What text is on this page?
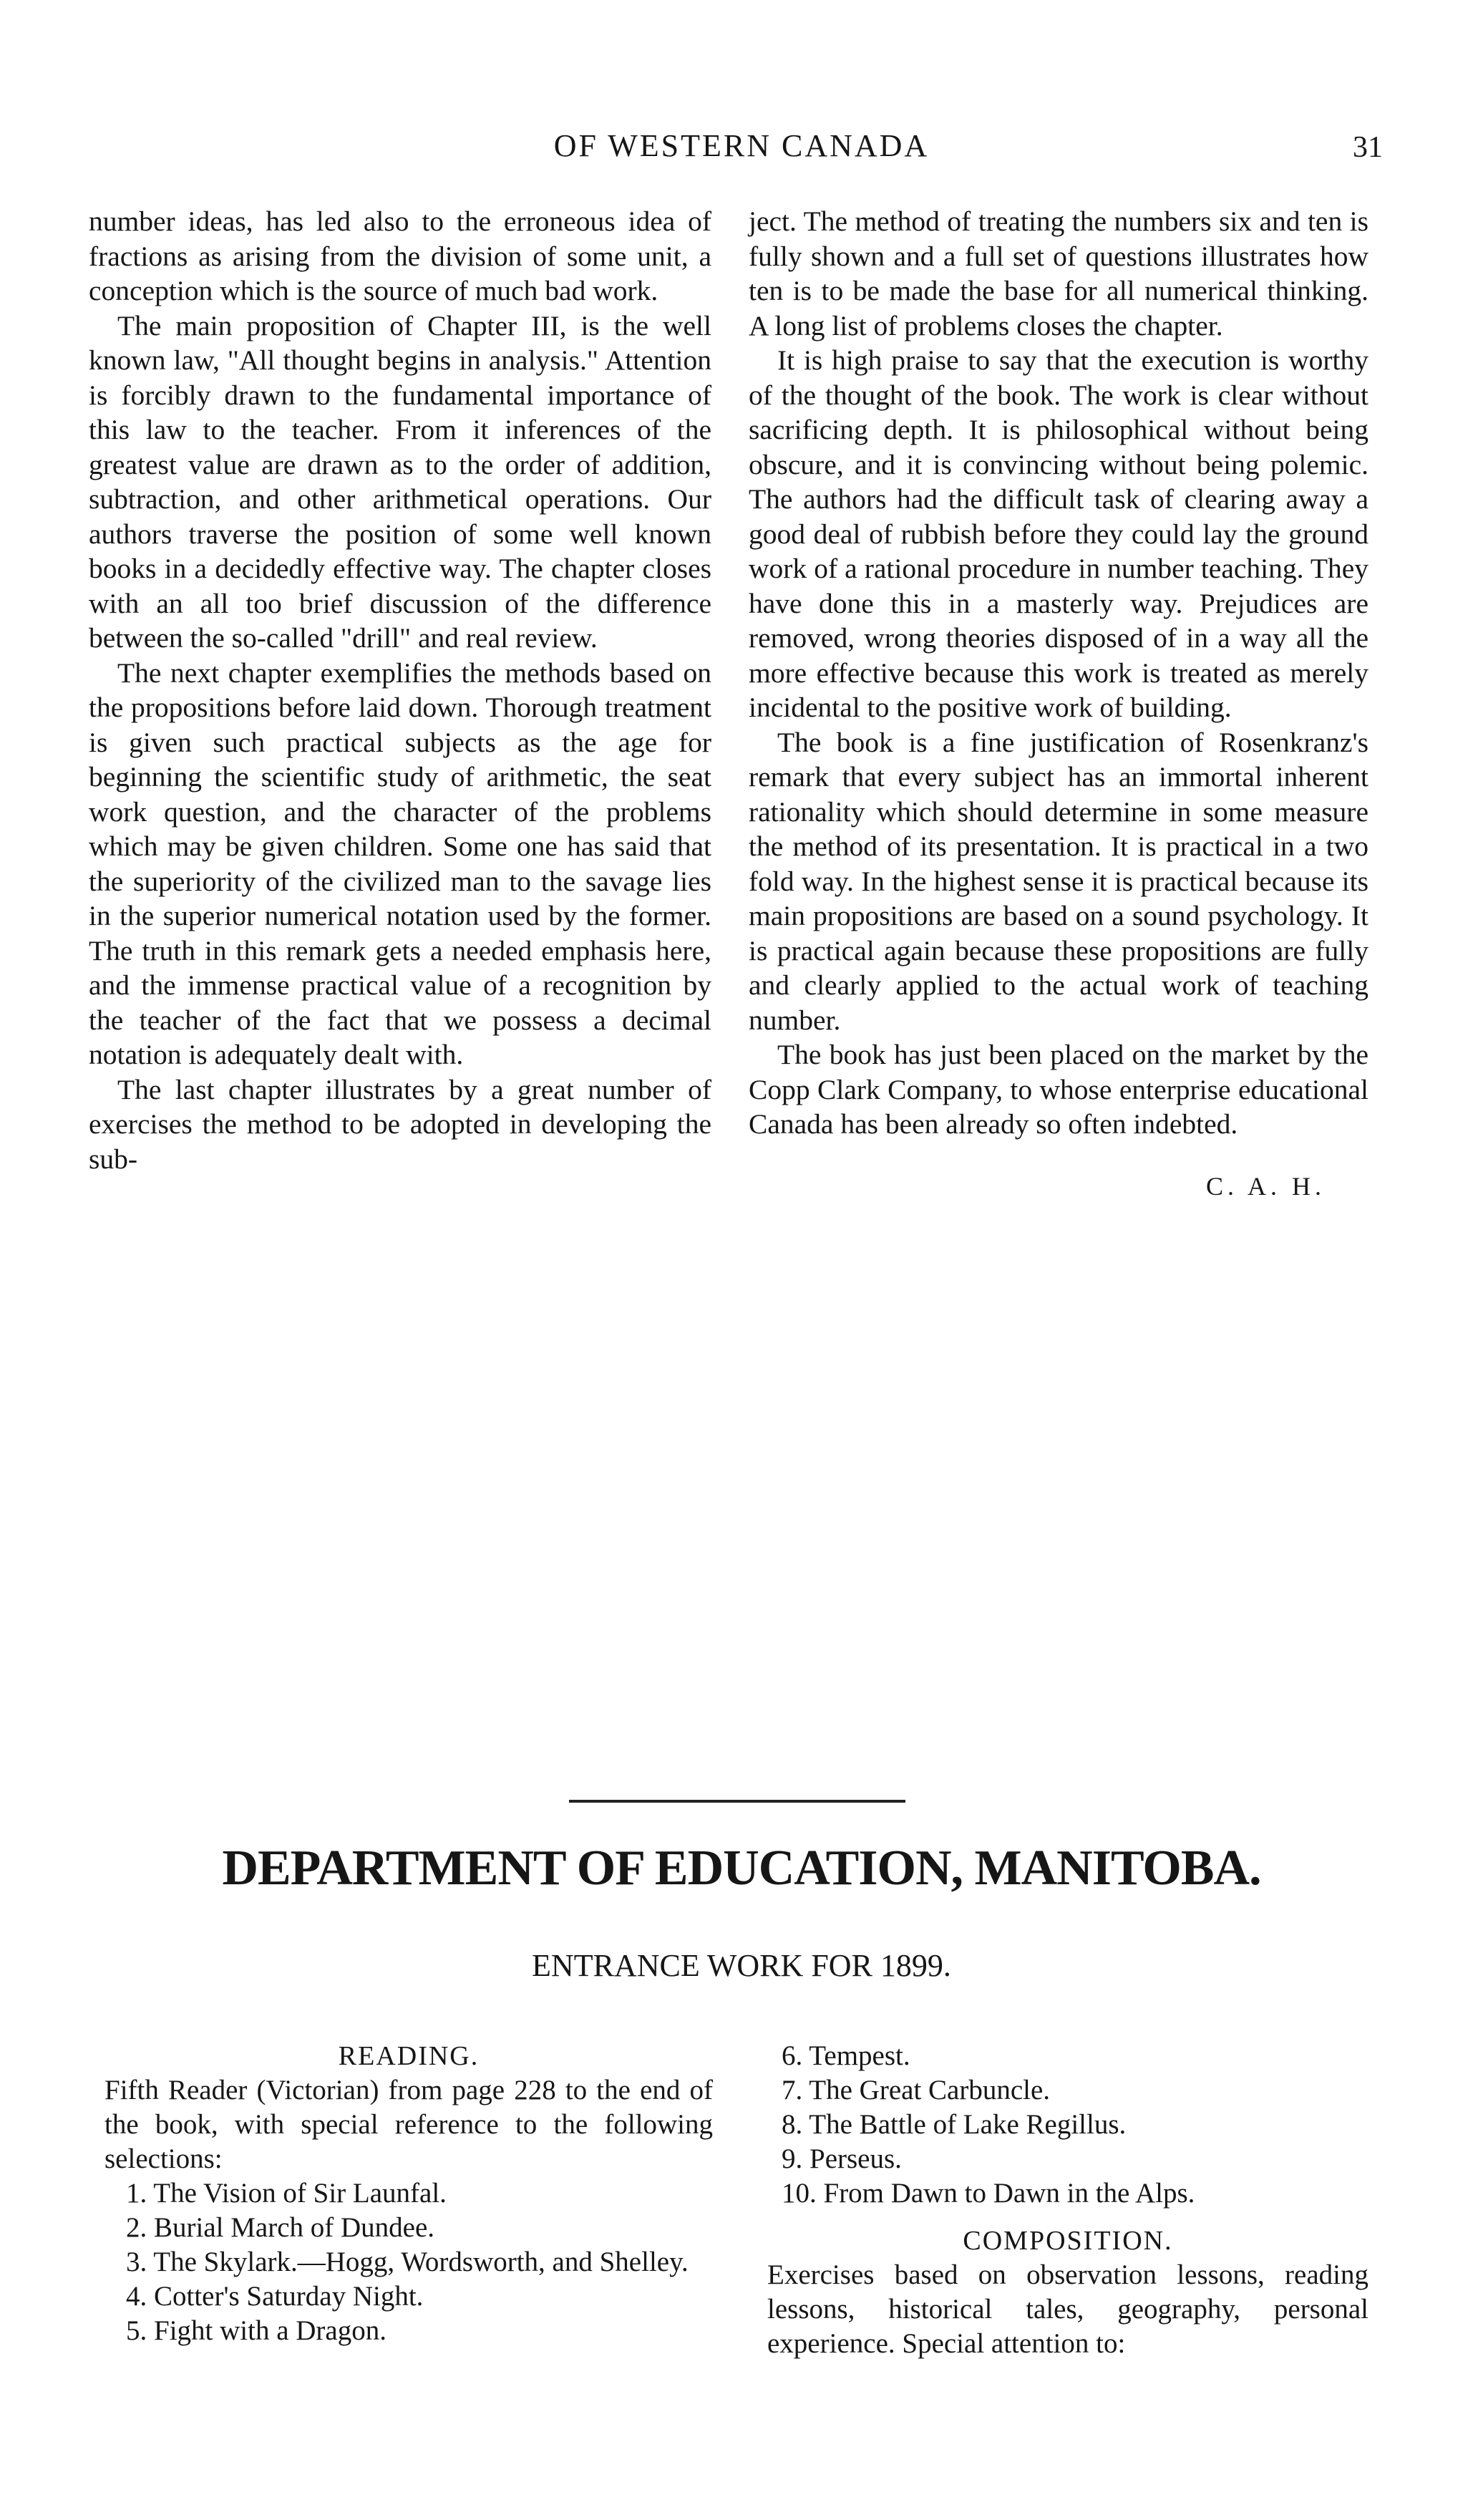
OF WESTERN CANADA	31

number ideas, has led also to the erroneous idea of fractions as arising from the division of some unit, a conception which is the source of much bad work.

The main proposition of Chapter III, is the well known law, "All thought begins in analysis." Attention is forcibly drawn to the fundamental importance of this law to the teacher. From it inferences of the greatest value are drawn as to the order of addition, subtraction, and other arithmetical operations. Our authors traverse the position of some well known books in a decidedly effective way. The chapter closes with an all too brief discussion of the difference between the so-called "drill" and real review.

The next chapter exemplifies the methods based on the propositions before laid down. Thorough treatment is given such practical subjects as the age for beginning the scientific study of arithmetic, the seat work question, and the character of the problems which may be given children. Some one has said that the superiority of the civilized man to the savage lies in the superior numerical notation used by the former. The truth in this remark gets a needed emphasis here, and the immense practical value of a recognition by the teacher of the fact that we possess a decimal notation is adequately dealt with.

The last chapter illustrates by a great number of exercises the method to be adopted in developing the sub-

ject. The method of treating the numbers six and ten is fully shown and a full set of questions illustrates how ten is to be made the base for all numerical thinking. A long list of problems closes the chapter.

It is high praise to say that the execution is worthy of the thought of the book. The work is clear without sacrificing depth. It is philosophical without being obscure, and it is convincing without being polemic. The authors had the difficult task of clearing away a good deal of rubbish before they could lay the ground work of a rational procedure in number teaching. They have done this in a masterly way. Prejudices are removed, wrong theories disposed of in a way all the more effective because this work is treated as merely incidental to the positive work of building.

The book is a fine justification of Rosenkranz's remark that every subject has an immortal inherent rationality which should determine in some measure the method of its presentation. It is practical in a two fold way. In the highest sense it is practical because its main propositions are based on a sound psychology. It is practical again because these propositions are fully and clearly applied to the actual work of teaching number.

The book has just been placed on the market by the Copp Clark Company, to whose enterprise educational Canada has been already so often indebted.

C. A. H.
DEPARTMENT OF EDUCATION, MANITOBA.
ENTRANCE WORK FOR 1899.
READING.
Fifth Reader (Victorian) from page 228 to the end of the book, with special reference to the following selections:
1. The Vision of Sir Launfal.
2. Burial March of Dundee.
3. The Skylark.—Hogg, Wordsworth, and Shelley.
4. Cotter's Saturday Night.
5. Fight with a Dragon.
6. Tempest.
7. The Great Carbuncle.
8. The Battle of Lake Regillus.
9. Perseus.
10. From Dawn to Dawn in the Alps.
COMPOSITION.
Exercises based on observation lessons, reading lessons, historical tales, geography, personal experience. Special attention to:
